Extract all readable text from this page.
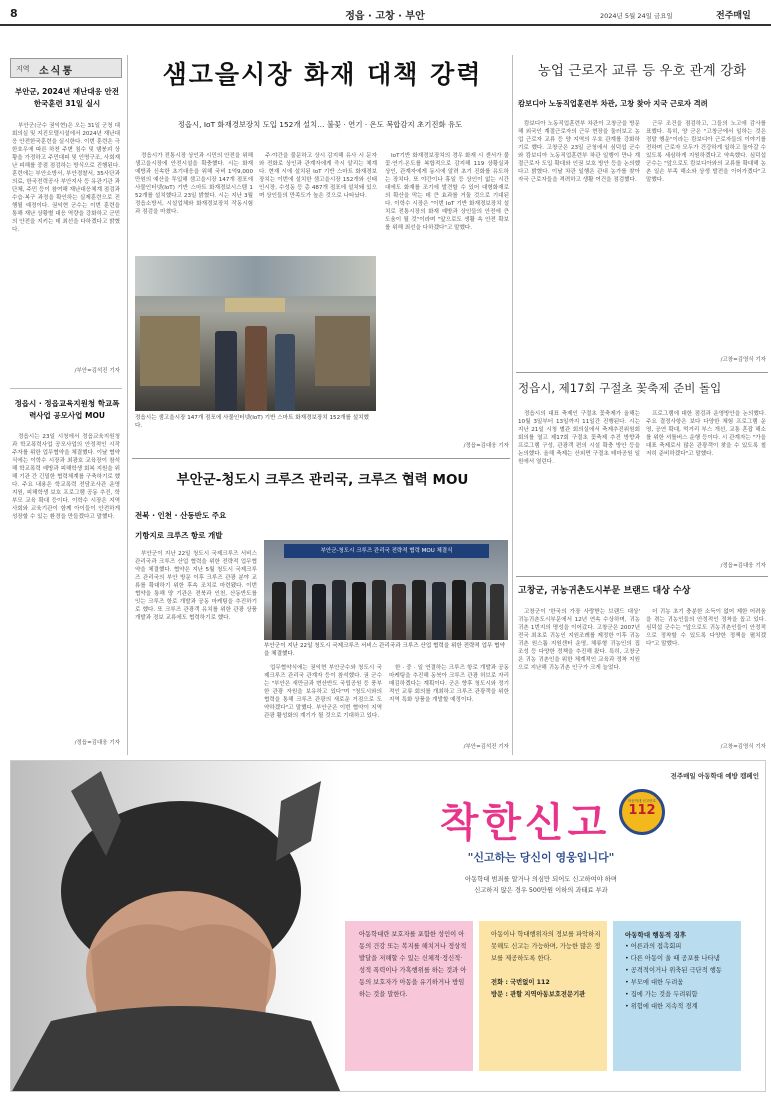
8	정읍 · 고창 · 부안	2024년 5월 24일 금요일	전주매일
지역 소식통
부안군, 2024년 재난대응 안전한국훈련 31일 실시

부안군(군수 권익현)은 오는 31일 군청 대회의실 및 지진모델시설에서 2024년 재난대응 안전한국훈련을 실시한다. 이번 훈련은 극한호우에 따른 하천 주변 침수 및 댐붕괴 상황을 가정하고 주민대피 및 인명구조, 사회재난 피해를 중점 점검하는 방식으로 진행된다. 훈련에는 부안소방서, 부안경찰서, 35사단과 의료, 한국전력공사 부안지사 등 유관기관 과 단체, 주민 등이 참여해 재난대응체계 점검과 수습·복구 과정을 확인하는 실제훈련으로 진행될 예정이다. 권익현 군수는 이번 훈련을 통해 재난 상황별 대응 역량을 강화하고 군민의 안전을 지키는 데 최선을 다하겠다고 밝혔다.

/부안=김석진 기자
정읍시 · 정읍교육지원청 학교폭력사업 공모사업 MOU

정읍시는 23일 시청에서 정읍교육지원청과 학교폭력사업 공모사업의 안정적인 시작주자를 위한 업무협약을 체결했다. 이날 협약식에는 이학수 시장과 최광호 교육장이 참석해 학교폭력 예방과 피해학생 회복 지원을 위해 기관 간 긴밀한 협력체계를 구축하기로 했다. 주요 내용은 학교폭력 전담조사관 운영 지원, 피해학생 보호 프로그램 공동 추진, 학부모 교육 확대 등이다. 이학수 시장은 지역사회와 교육기관이 함께 아이들이 안전하게 성장할 수 있는 환경을 만들겠다고 말했다.

/정읍=김대웅 기자
샘고을시장 화재 대책 강력
정읍시, IoT 화재경보장치 도입 152개 설치… 불꽃 · 연기 · 온도 복합감지 초기진화 유도

정읍시가 전통시장 상인과 시민의 안전을 위해 샘고을시장에 안전시설을 확충했다. 시는 화재 예방과 신속한 초기대응을 위해 국비 1억9,000만원의 예산을 투입해 샘고을시장 147개 점포에 사물인터넷(IoT) 기반 스마트 화재경보시스템 152개를 설치했다고 23일 밝혔다. 시는 지난 3월 정읍소방서, 시설업체와 화재경보장치 작동시험과 점검을 마쳤다.

주·야간을 불문하고 상시 감지해 유사 시 문자와 전화로 상인과 관계자에게 즉시 알리는 체계다. 현재 시에 설치된 IoT 기반 스마트 화재경보장치는 이번에 설치한 샘고을시장 152개와 신태인시장, 수성동 등 총 487개 점포에 설치돼 있으며 상인들의 만족도가 높은 것으로 나타났다.

IoT기반 화재경보장치의 경우 화재 시 센서가 불꽃·연기·온도를 복합적으로 감지해 119 상황실과 상인, 관계자에게 동시에 알려 초기 진화를 유도하는 장치다. 또 야간이나 휴일 등 상인이 없는 시간대에도 화재를 조기에 발견할 수 있어 대형화재로의 확산을 막는 데 큰 효과를 거둘 것으로 기대된다. 이학수 시장은 "이번 IoT 기반 화재경보장치 설치로 전통시장의 화재 예방과 상인들의 안전에 큰 도움이 될 것"이라며 "앞으로도 생활 속 안전 확보를 위해 최선을 다하겠다"고 말했다.

정읍시는 샘고을시장 147개 점포에 사물인터넷(IoT) 기반 스마트 화재경보장치 152개를 설치했다.
/정읍=김대웅 기자
부안군-청도시 크루즈 관리국, 크루즈 협력 MOU
전북 · 인천 · 산동반도 주요
기항지로 크루즈 항로 개발

부안군이 지난 22일 청도시 국제크루즈 서비스 관리국과 크루즈 산업 협력을 위한 전략적 업무협약을 체결했다. 협약은 지난 5월 청도시 국제크루즈 관리국의 부안 방문 이후 크루즈 관광 분야 교류를 확대하기 위한 후속 조치로 마련됐다. 이번 협약을 통해 양 기관은 전북과 인천, 산동반도를 잇는 크루즈 항로 개발과 공동 마케팅을 추진하기로 했다. 또 크루즈 관광객 유치를 위한 관광 상품 개발과 정보 교류에도 협력하기로 했다.

부안군-청도시 크루즈 관리국 전략적 협력 MOU 체결식
부안군이 지난 22일 청도시 국제크루즈 서비스 관리국과 크루즈 산업 협력을 위한 전략적 업무 협약을 체결했다.

업무협약식에는 권익현 부안군수와 청도시 국제크루즈 관리국 관계자 등이 참석했다. 권 군수는 "부안은 새만금과 변산반도 국립공원 등 풍부한 관광 자원을 보유하고 있다"며 "청도시와의 협력을 통해 크루즈 관광의 새로운 거점으로 도약하겠다"고 말했다. 부안군은 이번 협약이 지역 관광 활성화의 계기가 될 것으로 기대하고 있다.

한 · 중 · 일 연결하는 크루즈 항로 개발과 공동 마케팅을 추진해 동북아 크루즈 관광 허브로 자리매김하겠다는 계획이다. 군은 향후 청도시와 정기적인 교류 회의를 개최하고 크루즈 관광객을 위한 지역 특화 상품을 개발할 예정이다.

/부안=김석진 기자
농업 근로자 교류 등 우호 관계 강화
캄보디아 노동직업훈련부 차관, 고창 찾아 지국 근로자 격려

캄보디아 노동직업훈련부 차관이 고창군을 방문해 외국인 계절근로자의 근무 현장을 둘러보고 농업 근로자 교류 등 양 지역의 우호 관계를 강화하기로 했다. 고창군은 23일 군청에서 심덕섭 군수와 캄보디아 노동직업훈련부 차관 일행이 만나 계절근로자 도입 확대와 인권 보호 방안 등을 논의했다고 밝혔다. 이날 차관 일행은 관내 농가를 찾아 자국 근로자들을 격려하고 생활 여건을 점검했다.

근무 조건을 점검하고, 그들의 노고에 감사를 표했다. 특히, 양 군은 "고창군에서 일하는 것은 정말 행운"이라는 캄보디아 근로자들의 이야기를 전하며 근로자 모두가 건강하게 일하고 돌아갈 수 있도록 세심하게 지원하겠다고 약속했다. 심덕섭 군수는 "앞으로도 캄보디아와의 교류를 확대해 농촌 일손 부족 해소와 상생 발전을 이어가겠다"고 말했다.

/고창=김영식 기자
정읍시, 제17회 구절초 꽃축제 준비 돌입

정읍시의 대표 축제인 구절초 꽃축제가 올해는 10월 3일부터 13일까지 11일간 진행된다. 시는 지난 21일 시청 별관 회의실에서 축제추진위원회 회의를 열고 제17회 구절초 꽃축제 추진 방향과 프로그램 구성, 관광객 편의 시설 확충 방안 등을 논의했다. 올해 축제는 산외면 구절초 테마공원 일원에서 열린다.

프로그램에 대한 점검과 운영방안을 논의했다. 주요 결정사항은 보다 다양한 체험 프로그램 운영, 공연 확대, 먹거리 부스 개선, 교통 혼잡 해소를 위한 셔틀버스 운행 등이다. 시 관계자는 "가을 대표 축제로서 많은 관광객이 찾을 수 있도록 철저히 준비하겠다"고 말했다.

/정읍=김대웅 기자
고창군, 귀농귀촌도시부문 브랜드 대상 수상

고창군이 '한국의 가장 사랑받는 브랜드 대상' 귀농귀촌도시부문에서 12년 연속 수상하며, 귀농귀촌 1번지의 명성을 이어갔다. 고창군은 2007년 전국 최초로 귀농인 지원조례를 제정한 이후 귀농귀촌 원스톱 지원센터 운영, 체류형 귀농인의 집 조성 등 다양한 정책을 추진해 왔다. 특히, 고창군은 귀농 귀촌인을 위한 체계적인 교육과 정착 지원으로 지난해 귀농귀촌 인구가 크게 늘었다.

더 귀농 초기 충분한 소득이 없어 제한 어려움을 겪는 귀농인들의 안정적인 정착을 돕고 있다. 심덕섭 군수는 "앞으로도 귀농귀촌인들이 안정적으로 정착할 수 있도록 다양한 정책을 펼치겠다"고 말했다.

/고창=김영식 기자
전주매일 아동학대 예방 캠페인
착한신고	아동학대 신고번호
112
"신고하는 당신이 영웅입니다"
아동학대 범죄를 알거나 의심만 되어도 신고하여야 하며
신고하지 않은 경우 500만원 이하의 과태료 부과
아동학대란 보호자를 포함한 성인이 아동의 건강 또는 복지를 해치거나 정상적 발달을 저해할 수 있는 신체적·정신적·성적 폭력이나 가혹행위를 하는 것과 아동의 보호자가 아동을 유기하거나 방임하는 것을 말한다.
아동이나 학대행위자의 정보를 파악하지 못해도 신고는 가능하며, 가능한 많은 정보를 제공하도록 한다.
전화 : 국번없이 112
방문 : 관할 지역아동보호전문기관
아동학대 행동적 징후
• 어른과의 접촉회피
• 다른 아동이 울 때 공포를 나타냄
• 공격적이거나 위축된 극단적 행동
• 부모에 대한 두려움
• 집에 가는 것을 두려워함
• 위험에 대한 지속적 경계
